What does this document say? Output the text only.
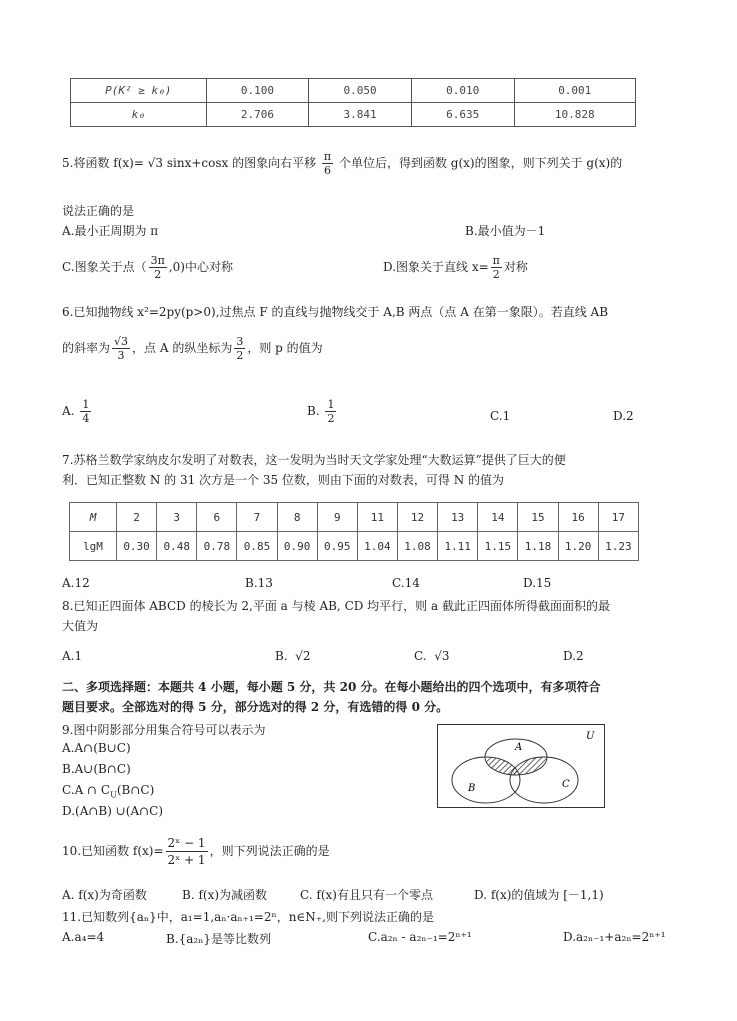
P(K² ≥ k₀)	0.100	0.050	0.010	0.001
k₀	2.706	3.841	6.635	10.828
5.将函数 f(x)= √3 sinx+cosx 的图象向右平移 $\frac{\pi}{6}$ 个单位后，得到函数 g(x)的图象，则下列关于 g(x)的
说法正确的是
A.最小正周期为 π	B.最小值为－1
C.图象关于点（ $\frac{3\pi}{2} ,0$)中心对称	D.图象关于直线 $x= \frac{\pi}{2}$ 对称
6.已知抛物线 x²=2py(p>0),过焦点 F 的直线与抛物线交于 A,B 两点（点 A 在第一象限）。若直线 AB
的斜率为 $\frac{√3}{3}$ ，点 A 的纵坐标为 $\frac{3}{2}$ ，则 p 的值为
A. $\frac{1}{4}$	B. $\frac{1}{2}$	C.1	D.2
7.苏格兰数学家纳皮尔发明了对数表，这一发明为当时天文学家处理“大数运算”提供了巨大的便
利．已知正整数 N 的 31 次方是一个 35 位数，则由下面的对数表，可得 N 的值为
M	2	3	6	7	8	9	11	12	13	14	15	16	17
lgM	0.30	0.48	0.78	0.85	0.90	0.95	1.04	1.08	1.11	1.15	1.18	1.20	1.23
A.12	B.13	C.14	D.15
8.已知正四面体 ABCD 的棱长为 2,平面 a 与棱 AB, CD 均平行，则 a 截此正四面体所得截面面积的最
大值为
A.1	B. √2	C. √3	D.2
二、多项选择题：本题共 4 小题，每小题 5 分，共 20 分。在每小题给出的四个选项中，有多项符合
题目要求。全部选对的得 5 分，部分选对的得 2 分，有选错的得 0 分。
9.图中阴影部分用集合符号可以表示为
A.A∩(B∪C)
B.A∪(B∩C)
C.A ∩ $C_U(B\cap C)$
D.(A∩B) ∪(A∩C)
U
A
B	C
10.已知函数 $f(x)= \frac{\text{2ˣ − 1}}{\text{2ˣ + 1}}$ ，则下列说法正确的是
A. f(x)为奇函数	B. f(x)为减函数	C. f(x)有且只有一个零点	D. f(x)的值域为 [－1,1)
11.已知数列{aₙ}中，a₁=1,aₙ·aₙ₊₁=2ⁿ，n∈N₊,则下列说法正确的是
A.a₄=4	B.{a₂ₙ}是等比数列	C.a₂ₙ - a₂ₙ₋₁=2ⁿ⁺¹	D.a₂ₙ₋₁+a₂ₙ=2ⁿ⁺¹
